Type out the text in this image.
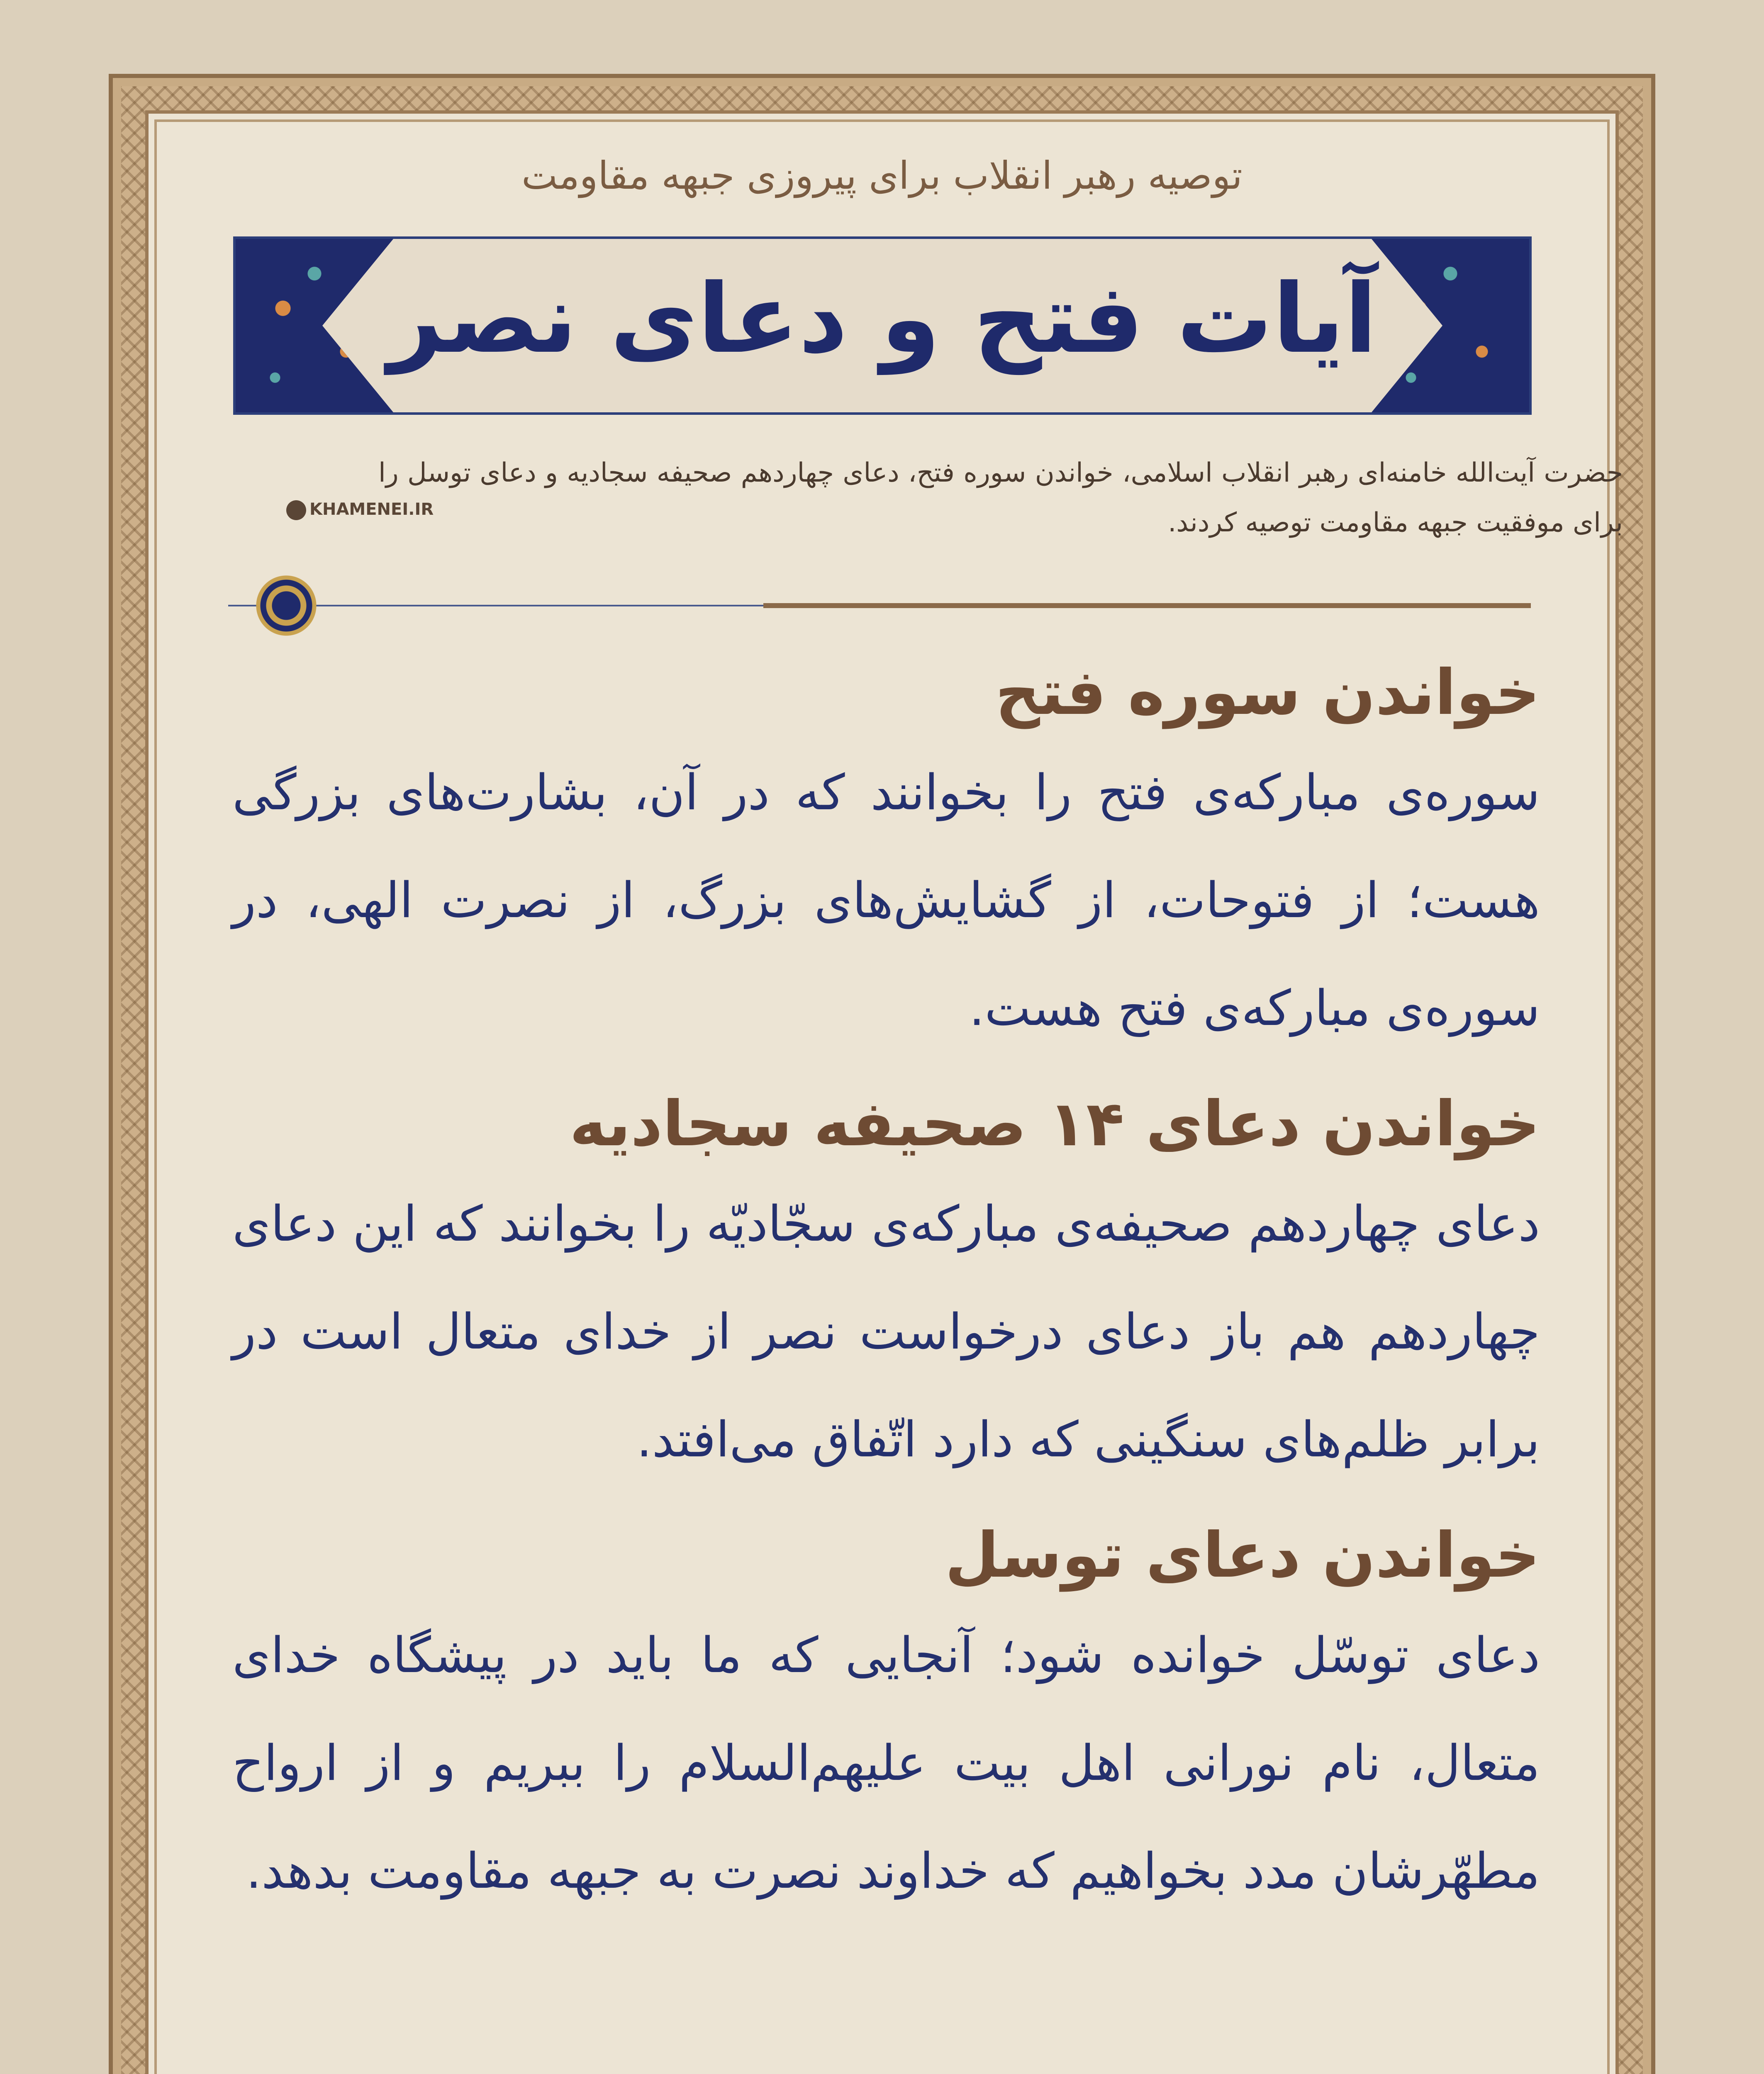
توصیه رهبر انقلاب برای پیروزی جبهه مقاومت
آیات فتح و دعای نصر
حضرت آیت‌الله خامنه‌ای رهبر انقلاب اسلامی، خواندن سوره فتح، دعای چهاردهم صحیفه سجادیه و دعای توسل را برای موفقیت جبهه مقاومت توصیه کردند.
KHAMENEI.IR
خواندن سوره فتح

سوره‌ی مبارکه‌ی فتح را بخوانند که در آن، بشارت‌های بزرگی هست؛ از فتوحات، از گشایش‌های بزرگ، از نصرت الهی، در سوره‌ی مبارکه‌ی فتح هست.

خواندن دعای ۱۴ صحیفه سجادیه

دعای چهاردهم صحیفه‌ی مبارکه‌ی سجّادیّه را بخوانند که این دعای چهاردهم هم باز دعای درخواست نصر از خدای متعال است در برابر ظلم‌های سنگینی که دارد اتّفاق می‌افتد.

خواندن دعای توسل

دعای توسّل خوانده شود؛ آنجایی که ما باید در پیشگاه خدای متعال، نام نورانی اهل بیت علیهم‌السلام را ببریم و از ارواح مطهّرشان مدد بخواهیم که خداوند نصرت به جبهه مقاومت بدهد.
